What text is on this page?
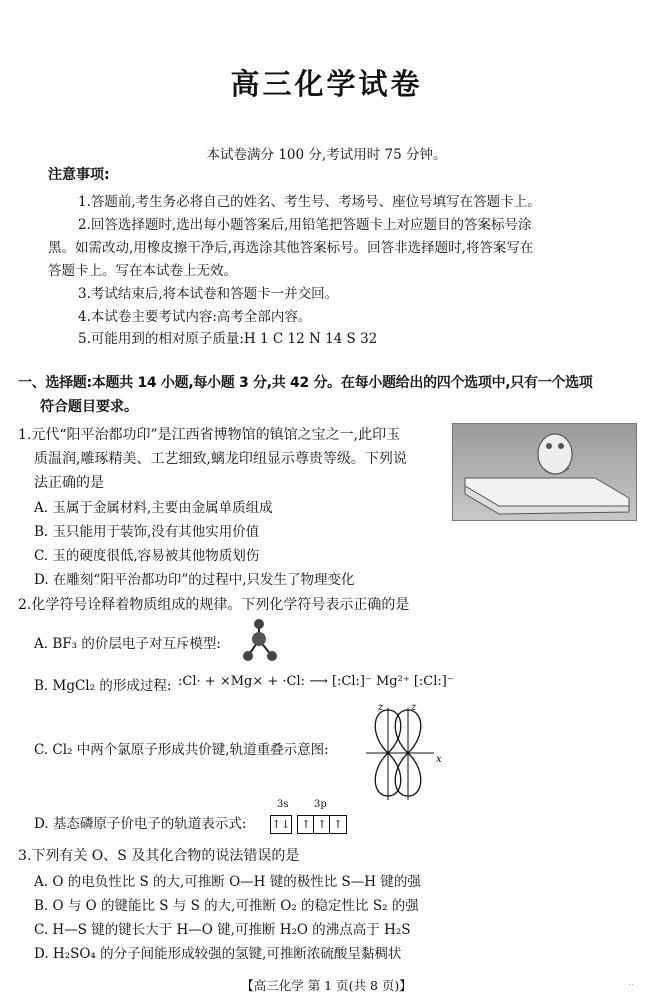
高三化学试卷
本试卷满分 100 分,考试用时 75 分钟。
注意事项:
1.答题前,考生务必将自己的姓名、考生号、考场号、座位号填写在答题卡上。
2.回答选择题时,选出每小题答案后,用铅笔把答题卡上对应题目的答案标号涂
黑。如需改动,用橡皮擦干净后,再选涂其他答案标号。回答非选择题时,将答案写在
答题卡上。写在本试卷上无效。
3.考试结束后,将本试卷和答题卡一并交回。
4.本试卷主要考试内容:高考全部内容。
5.可能用到的相对原子质量:H 1 C 12 N 14 S 32
一、选择题:本题共 14 小题,每小题 3 分,共 42 分。在每小题给出的四个选项中,只有一个选项
符合题目要求。
1.元代“阳平治都功印”是江西省博物馆的镇馆之宝之一,此印玉
质温润,雕琢精美、工艺细致,螭龙印纽显示尊贵等级。下列说
法正确的是
A. 玉属于金属材料,主要由金属单质组成
B. 玉只能用于装饰,没有其他实用价值
C. 玉的硬度很低,容易被其他物质划伤
D. 在雕刻“阳平治都功印”的过程中,只发生了物理变化
2.化学符号诠释着物质组成的规律。下列化学符号表示正确的是
A. BF₃ 的价层电子对互斥模型:
B. MgCl₂ 的形成过程: :Cl· + ×Mg× + ·Cl: ⟶ [:Cl:]⁻ Mg²⁺ [:Cl:]⁻
C. Cl₂ 中两个氯原子形成共价键,轨道重叠示意图:
z	z
x
D. 基态磷原子价电子的轨道表示式:
3s	3p
↑↓	↑ ↑ ↑
3.下列有关 O、S 及其化合物的说法错误的是
A. O 的电负性比 S 的大,可推断 O—H 键的极性比 S—H 键的强
B. O 与 O 的键能比 S 与 S 的大,可推断 O₂ 的稳定性比 S₂ 的强
C. H—S 键的键长大于 H—O 键,可推断 H₂O 的沸点高于 H₂S
D. H₂SO₄ 的分子间能形成较强的氢键,可推断浓硫酸呈黏稠状
【高三化学 第 1 页(共 8 页)】	..
